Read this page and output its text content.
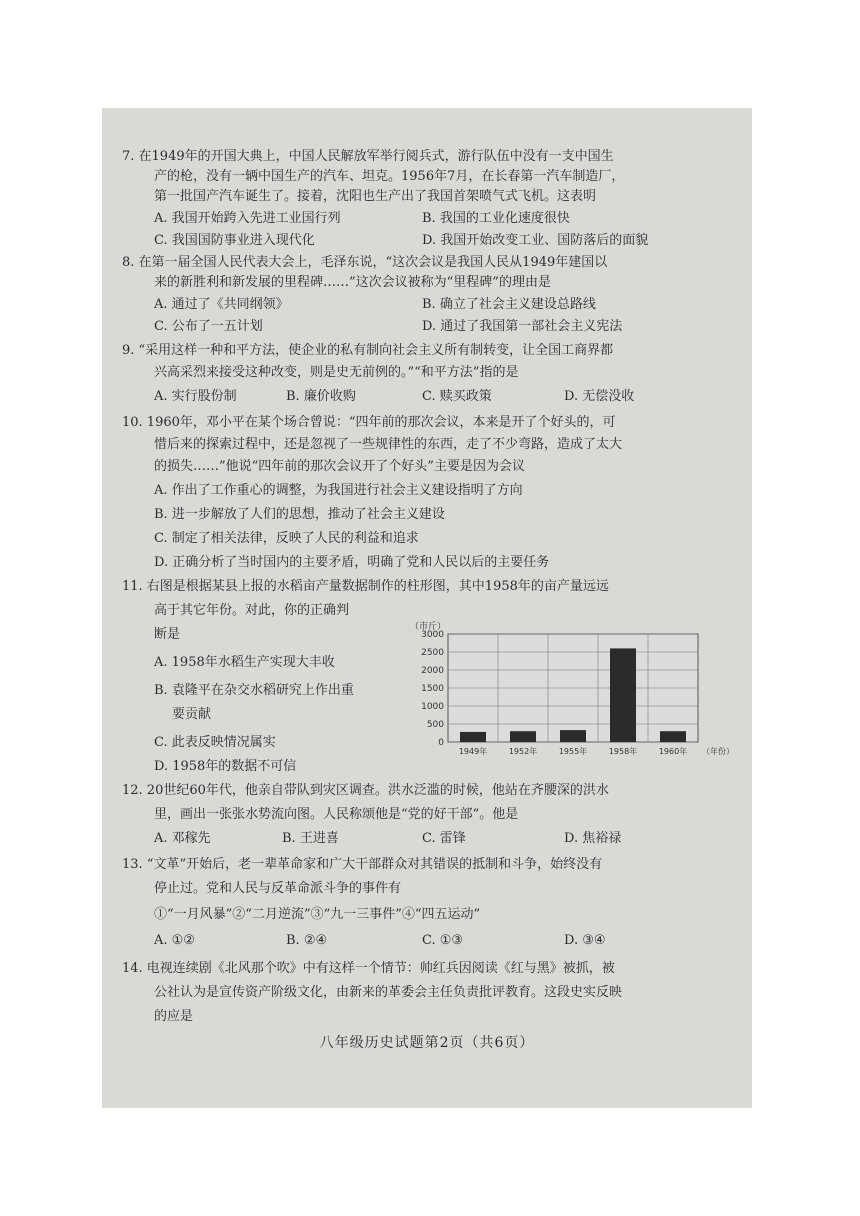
7. 在1949年的开国大典上，中国人民解放军举行阅兵式，游行队伍中没有一支中国生
产的枪，没有一辆中国生产的汽车、坦克。1956年7月，在长春第一汽车制造厂，
第一批国产汽车诞生了。接着，沈阳也生产出了我国首架喷气式飞机。这表明
A. 我国开始跨入先进工业国行列	B. 我国的工业化速度很快
C. 我国国防事业进入现代化	D. 我国开始改变工业、国防落后的面貌
8. 在第一届全国人民代表大会上，毛泽东说，“这次会议是我国人民从1949年建国以
来的新胜利和新发展的里程碑……”这次会议被称为“里程碑”的理由是
A. 通过了《共同纲领》	B. 确立了社会主义建设总路线
C. 公布了一五计划	D. 通过了我国第一部社会主义宪法
9. “采用这样一种和平方法，使企业的私有制向社会主义所有制转变，让全国工商界都
兴高采烈来接受这种改变，则是史无前例的。”“和平方法”指的是
A. 实行股份制	B. 廉价收购	C. 赎买政策	D. 无偿没收
10. 1960年，邓小平在某个场合曾说：“四年前的那次会议，本来是开了个好头的，可
惜后来的探索过程中，还是忽视了一些规律性的东西，走了不少弯路，造成了太大
的损失……”他说“四年前的那次会议开了个好头”主要是因为会议
A. 作出了工作重心的调整，为我国进行社会主义建设指明了方向
B. 进一步解放了人们的思想，推动了社会主义建设
C. 制定了相关法律，反映了人民的利益和追求
D. 正确分析了当时国内的主要矛盾，明确了党和人民以后的主要任务
11. 右图是根据某县上报的水稻亩产量数据制作的柱形图，其中1958年的亩产量远远
高于其它年份。对此，你的正确判
断是
A. 1958年水稻生产实现大丰收
B. 袁隆平在杂交水稻研究上作出重
要贡献
C. 此表反映情况属实
D. 1958年的数据不可信
（市斤）
0
500
1000
1500
2000
2500
3000
1949年	1952年	1955年	1958年	1960年 （年份）
12. 20世纪60年代，他亲自带队到灾区调查。洪水泛滥的时候，他站在齐腰深的洪水
里，画出一张张水势流向图。人民称颂他是“党的好干部”。他是
A. 邓稼先	B. 王进喜	C. 雷锋	D. 焦裕禄
13. “文革”开始后，老一辈革命家和广大干部群众对其错误的抵制和斗争，始终没有
停止过。党和人民与反革命派斗争的事件有
①“一月风暴”②“二月逆流”③“九一三事件”④“四五运动”
A. ①②	B. ②④	C. ①③	D. ③④
14. 电视连续剧《北风那个吹》中有这样一个情节：帅红兵因阅读《红与黑》被抓，被
公社认为是宣传资产阶级文化，由新来的革委会主任负责批评教育。这段史实反映
的应是
八年级历史试题第2页（共6页）
